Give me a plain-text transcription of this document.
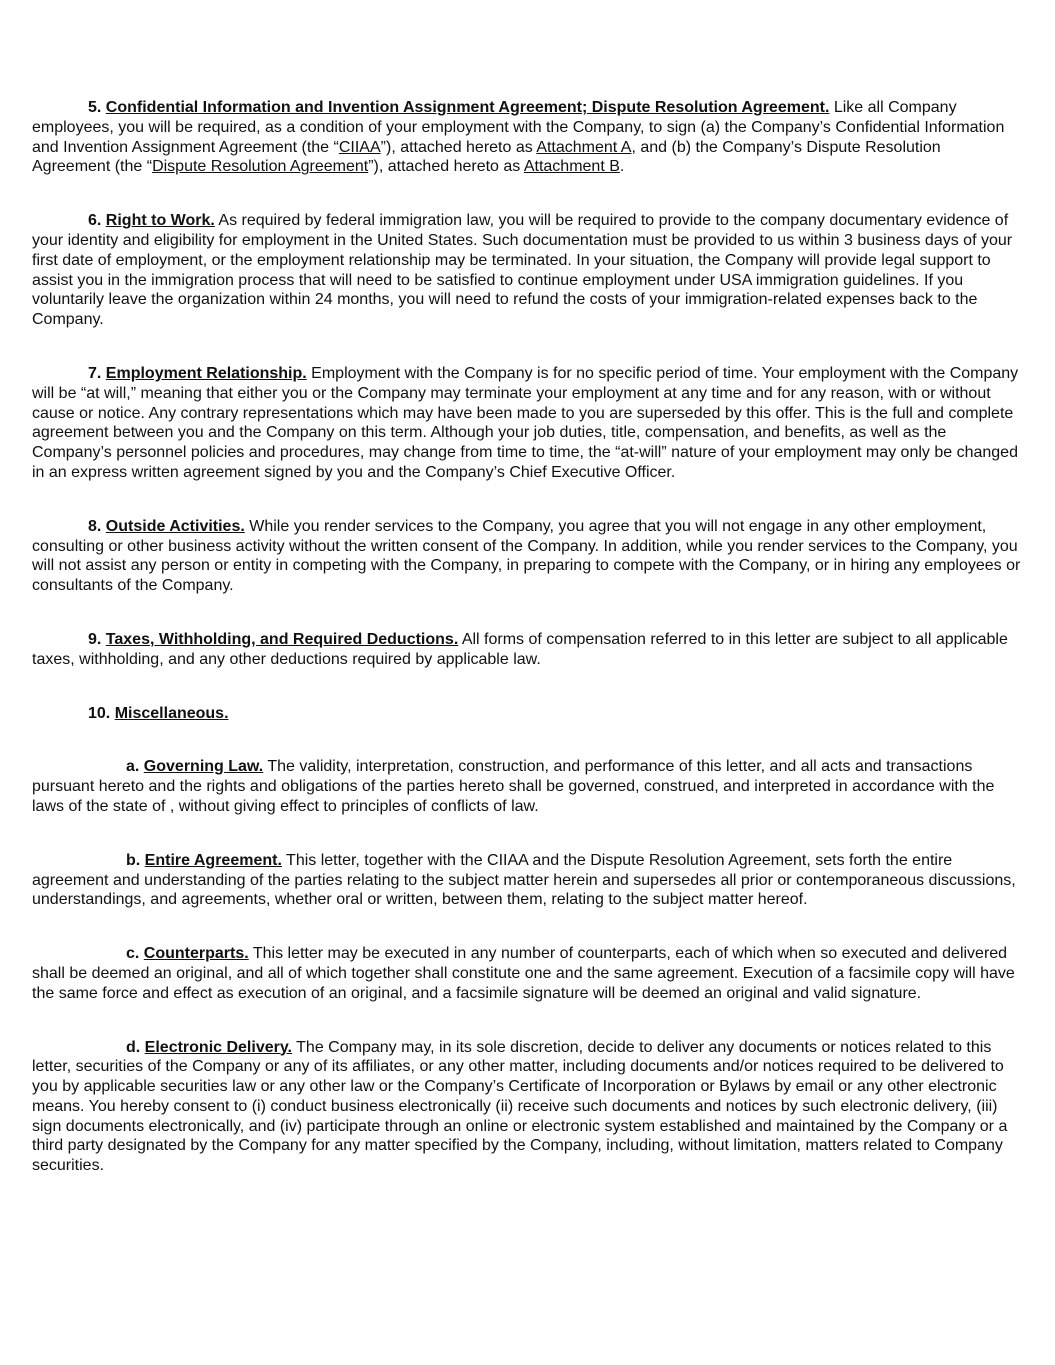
5. Confidential Information and Invention Assignment Agreement; Dispute Resolution Agreement. Like all Company employees, you will be required, as a condition of your employment with the Company, to sign (a) the Company’s Confidential Information and Invention Assignment Agreement (the “CIIAA”), attached hereto as Attachment A, and (b) the Company’s Dispute Resolution Agreement (the “Dispute Resolution Agreement”), attached hereto as Attachment B.

6. Right to Work. As required by federal immigration law, you will be required to provide to the company documentary evidence of your identity and eligibility for employment in the United States. Such documentation must be provided to us within 3 business days of your first date of employment, or the employment relationship may be terminated. In your situation, the Company will provide legal support to assist you in the immigration process that will need to be satisfied to continue employment under USA immigration guidelines. If you voluntarily leave the organization within 24 months, you will need to refund the costs of your immigration-related expenses back to the Company.

7. Employment Relationship. Employment with the Company is for no specific period of time. Your employment with the Company will be “at will,” meaning that either you or the Company may terminate your employment at any time and for any reason, with or without cause or notice. Any contrary representations which may have been made to you are superseded by this offer. This is the full and complete agreement between you and the Company on this term. Although your job duties, title, compensation, and benefits, as well as the Company’s personnel policies and procedures, may change from time to time, the “at-will” nature of your employment may only be changed in an express written agreement signed by you and the Company’s Chief Executive Officer.

8. Outside Activities. While you render services to the Company, you agree that you will not engage in any other employment, consulting or other business activity without the written consent of the Company. In addition, while you render services to the Company, you will not assist any person or entity in competing with the Company, in preparing to compete with the Company, or in hiring any employees or consultants of the Company.

9. Taxes, Withholding, and Required Deductions. All forms of compensation referred to in this letter are subject to all applicable taxes, withholding, and any other deductions required by applicable law.

10. Miscellaneous.

a. Governing Law. The validity, interpretation, construction, and performance of this letter, and all acts and transactions pursuant hereto and the rights and obligations of the parties hereto shall be governed, construed, and interpreted in accordance with the laws of the state of , without giving effect to principles of conflicts of law.

b. Entire Agreement. This letter, together with the CIIAA and the Dispute Resolution Agreement, sets forth the entire agreement and understanding of the parties relating to the subject matter herein and supersedes all prior or contemporaneous discussions, understandings, and agreements, whether oral or written, between them, relating to the subject matter hereof.

c. Counterparts. This letter may be executed in any number of counterparts, each of which when so executed and delivered shall be deemed an original, and all of which together shall constitute one and the same agreement. Execution of a facsimile copy will have the same force and effect as execution of an original, and a facsimile signature will be deemed an original and valid signature.

d. Electronic Delivery. The Company may, in its sole discretion, decide to deliver any documents or notices related to this letter, securities of the Company or any of its affiliates, or any other matter, including documents and/or notices required to be delivered to you by applicable securities law or any other law or the Company’s Certificate of Incorporation or Bylaws by email or any other electronic means. You hereby consent to (i) conduct business electronically (ii) receive such documents and notices by such electronic delivery, (iii) sign documents electronically, and (iv) participate through an online or electronic system established and maintained by the Company or a third party designated by the Company for any matter specified by the Company, including, without limitation, matters related to Company securities.
